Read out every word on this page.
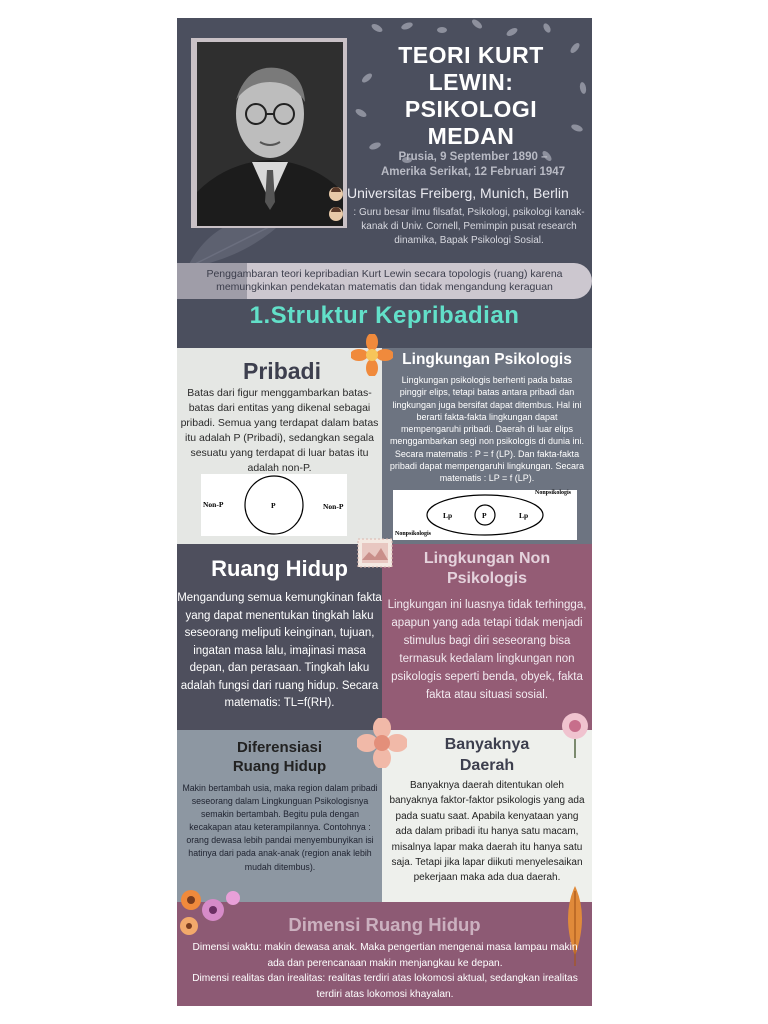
TEORI KURT
LEWIN:
PSIKOLOGI
MEDAN
Prusia, 9 September 1890 –
Amerika Serikat, 12 Februari 1947
Universitas Freiberg, Munich, Berlin
: Guru besar ilmu filsafat, Psikologi, psikologi kanak-kanak di Univ. Cornell, Pemimpin pusat research dinamika, Bapak Psikologi Sosial.
Penggambaran teori kepribadian Kurt Lewin secara topologis (ruang) karena
memungkinkan pendekatan matematis dan tidak mengandung keraguan
1.Struktur Kepribadian
Pribadi
Batas dari figur menggambarkan batas-batas dari entitas yang dikenal sebagai pribadi. Semua yang terdapat dalam batas itu adalah P (Pribadi), sedangkan segala sesuatu yang terdapat di luar batas itu adalah non-P.
Non-P	P	Non-P
Lingkungan Psikologis
Lingkungan psikologis berhenti pada batas pinggir elips, tetapi batas antara pribadi dan lingkungan juga bersifat dapat ditembus. Hal ini berarti fakta-fakta lingkungan dapat mempengaruhi pribadi. Daerah di luar elips menggambarkan segi non psikologis di dunia ini. Secara matematis : P = f (LP). Dan fakta-fakta pribadi dapat mempengaruhi lingkungan. Secara matematis : LP = f (LP).
Nonpsikologis
Lp	P	Lp
Nonpsikologis
Ruang Hidup
Mengandung semua kemungkinan fakta yang dapat menentukan tingkah laku seseorang meliputi keinginan, tujuan, ingatan masa lalu, imajinasi masa depan, dan perasaan. Tingkah laku adalah fungsi dari ruang hidup. Secara matematis: TL=f(RH).
Lingkungan Non
Psikologis
Lingkungan ini luasnya tidak terhingga, apapun yang ada tetapi tidak menjadi stimulus bagi diri seseorang bisa termasuk kedalam lingkungan non psikologis seperti benda, obyek, fakta fakta atau situasi sosial.
Diferensiasi
Ruang Hidup
Makin bertambah usia, maka region dalam pribadi seseorang dalam Lingkunguan Psikologisnya semakin bertambah. Begitu pula dengan kecakapan atau keterampilannya. Contohnya : orang dewasa lebih pandai menyembunyikan isi hatinya dari pada anak-anak (region anak lebih mudah ditembus).
Banyaknya
Daerah
Banyaknya daerah ditentukan oleh banyaknya faktor-faktor psikologis yang ada pada suatu saat. Apabila kenyataan yang ada dalam pribadi itu hanya satu macam, misalnya lapar maka daerah itu hanya satu saja. Tetapi jika lapar diikuti menyelesaikan pekerjaan maka ada dua daerah.
Dimensi Ruang Hidup
Dimensi waktu: makin dewasa anak. Maka pengertian mengenai masa lampau makin ada dan perencanaan makin menjangkau ke depan.
Dimensi realitas dan irealitas: realitas terdiri atas lokomosi aktual, sedangkan irealitas terdiri atas lokomosi khayalan.
